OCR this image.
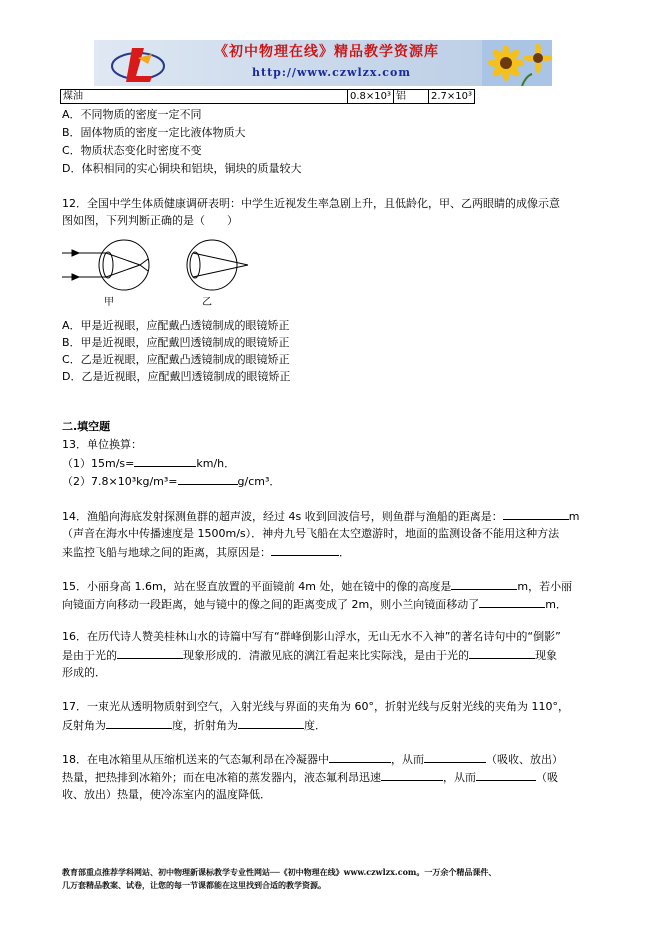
《初中物理在线》精品教学资源库
http://www.czwlzx.com
煤油	0.8×10³	铝	2.7×10³
A．不同物质的密度一定不同
B．固体物质的密度一定比液体物质大
C．物质状态变化时密度不变
D．体积相同的实心铜块和铝块，铜块的质量较大
12．全国中学生体质健康调研表明：中学生近视发生率急剧上升，且低龄化，甲、乙两眼睛的成像示意
图如图，下列判断正确的是（　　）
甲	乙
A．甲是近视眼，应配戴凸透镜制成的眼镜矫正
B．甲是近视眼，应配戴凹透镜制成的眼镜矫正
C．乙是近视眼，应配戴凸透镜制成的眼镜矫正
D．乙是近视眼，应配戴凹透镜制成的眼镜矫正
二.填空题
13．单位换算：
（1）15m/s=	km/h．
（2）7.8×10³kg/m³=	g/cm³．
14．渔船向海底发射探测鱼群的超声波，经过 4s 收到回波信号，则鱼群与渔船的距离是：	m
（声音在海水中传播速度是 1500m/s）．神舟九号飞船在太空遨游时，地面的监测设备不能用这种方法
来监控飞船与地球之间的距离，其原因是：	．
15．小丽身高 1.6m，站在竖直放置的平面镜前 4m 处，她在镜中的像的高度是	m，若小丽
向镜面方向移动一段距离，她与镜中的像之间的距离变成了 2m，则小兰向镜面移动了	m．
16．在历代诗人赞美桂林山水的诗篇中写有“群峰倒影山浮水，无山无水不入神”的著名诗句中的“倒影”
是由于光的	现象形成的．清澈见底的漓江看起来比实际浅，是由于光的	现象
形成的．
17．一束光从透明物质射到空气，入射光线与界面的夹角为 60°，折射光线与反射光线的夹角为 110°，
反射角为	度，折射角为	度．
18．在电冰箱里从压缩机送来的气态氟利昂在冷凝器中	，从而	（吸收、放出）
热量，把热排到冰箱外；而在电冰箱的蒸发器内，液态氟利昂迅速	，从而	（吸
收、放出）热量，使冷冻室内的温度降低．
教育部重点推荐学科网站、初中物理新课标教学专业性网站──《初中物理在线》www.czwlzx.com。一万余个精品课件、
几万套精品教案、试卷，让您的每一节课都能在这里找到合适的教学资源。
